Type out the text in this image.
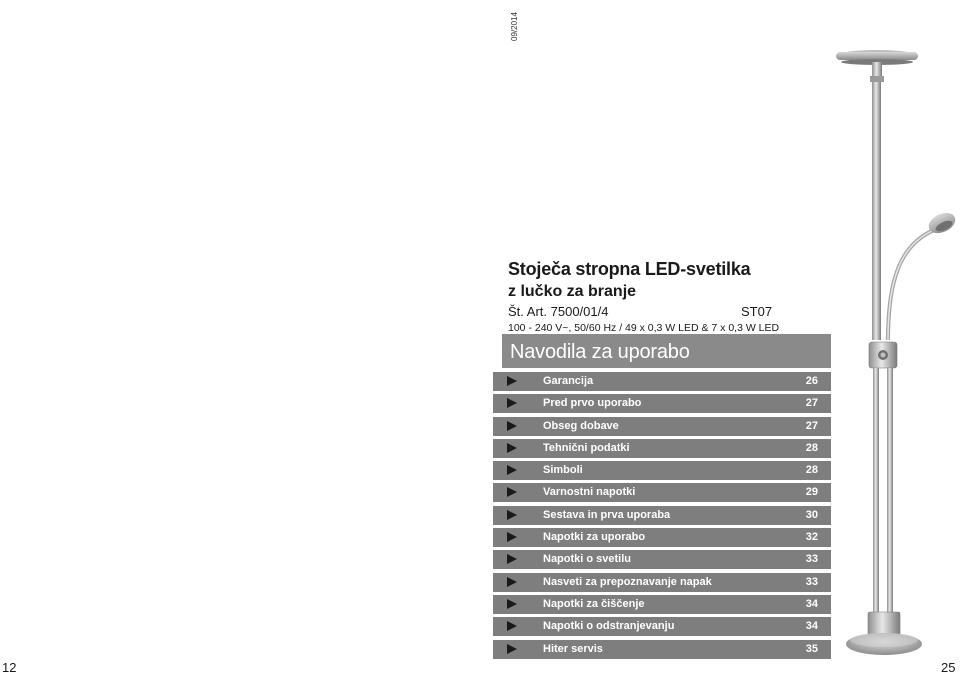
09/2014
Stoječa stropna LED-svetilka
z lučko za branje
Št. Art. 7500/01/4	ST07
100 - 240 V~, 50/60 Hz / 49 x 0,3 W LED & 7 x 0,3 W LED
Navodila za uporabo
Garancija	26
Pred prvo uporabo	27
Obseg dobave	27
Tehnični podatki	28
Simboli	28
Varnostni napotki	29
Sestava in prva uporaba	30
Napotki za uporabo	32
Napotki o svetilu	33
Nasveti za prepoznavanje napak	33
Napotki za čiščenje	34
Napotki o odstranjevanju	34
Hiter servis	35
12	25
